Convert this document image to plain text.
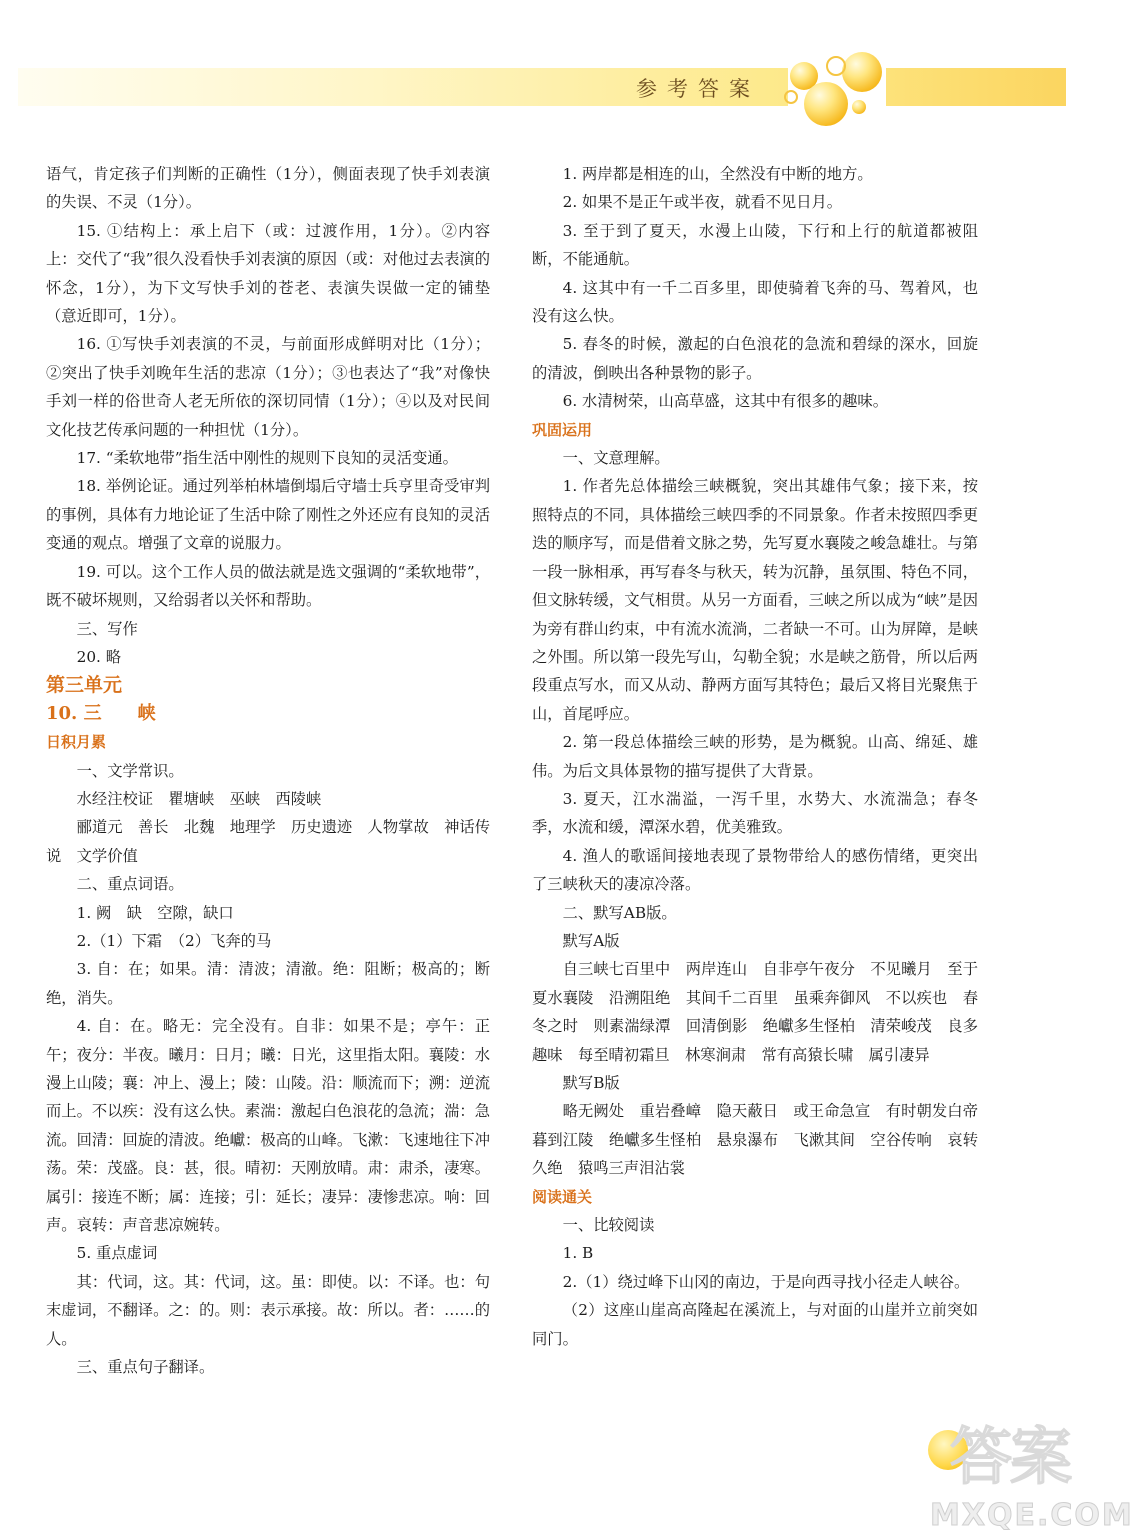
参考答案

语气，肯定孩子们判断的正确性（1分），侧面表现了快手刘表演的失误、不灵（1分）。

15. ①结构上：承上启下（或：过渡作用，1分）。②内容上：交代了“我”很久没看快手刘表演的原因（或：对他过去表演的怀念，1分），为下文写快手刘的苍老、表演失误做一定的铺垫（意近即可，1分）。

16. ①写快手刘表演的不灵，与前面形成鲜明对比（1分）；②突出了快手刘晚年生活的悲凉（1分）；③也表达了“我”对像快手刘一样的俗世奇人老无所依的深切同情（1分）；④以及对民间文化技艺传承问题的一种担忧（1分）。

17. “柔软地带”指生活中刚性的规则下良知的灵活变通。

18. 举例论证。通过列举柏林墙倒塌后守墙士兵亨里奇受审判的事例，具体有力地论证了生活中除了刚性之外还应有良知的灵活变通的观点。增强了文章的说服力。

19. 可以。这个工作人员的做法就是选文强调的“柔软地带”，既不破坏规则，又给弱者以关怀和帮助。

三、写作

20. 略

第三单元

10. 三 峡

日积月累

一、文学常识。

水经注校证　瞿塘峡　巫峡　西陵峡

郦道元　善长　北魏　地理学　历史遗迹　人物掌故　神话传说　文学价值

二、重点词语。

1. 阙　缺　空隙，缺口

2.（1）下霜　（2）飞奔的马

3. 自：在；如果。清：清波；清澈。绝：阻断；极高的；断绝，消失。

4. 自：在。略无：完全没有。自非：如果不是；亭午：正午；夜分：半夜。曦月：日月；曦：日光，这里指太阳。襄陵：水漫上山陵；襄：冲上、漫上；陵：山陵。沿：顺流而下；溯：逆流而上。不以疾：没有这么快。素湍：激起白色浪花的急流；湍：急流。回清：回旋的清波。绝巘：极高的山峰。飞漱：飞速地往下冲荡。荣：茂盛。良：甚，很。晴初：天刚放晴。肃：肃杀，凄寒。属引：接连不断；属：连接；引：延长；凄异：凄惨悲凉。响：回声。哀转：声音悲凉婉转。

5. 重点虚词

其：代词，这。其：代词，这。虽：即使。以：不译。也：句末虚词，不翻译。之：的。则：表示承接。故：所以。者：……的人。

三、重点句子翻译。

1. 两岸都是相连的山，全然没有中断的地方。

2. 如果不是正午或半夜，就看不见日月。

3. 至于到了夏天，水漫上山陵，下行和上行的航道都被阻断，不能通航。

4. 这其中有一千二百多里，即使骑着飞奔的马、驾着风，也没有这么快。

5. 春冬的时候，激起的白色浪花的急流和碧绿的深水，回旋的清波，倒映出各种景物的影子。

6. 水清树荣，山高草盛，这其中有很多的趣味。

巩固运用

一、文意理解。

1. 作者先总体描绘三峡概貌，突出其雄伟气象；接下来，按照特点的不同，具体描绘三峡四季的不同景象。作者未按照四季更迭的顺序写，而是借着文脉之势，先写夏水襄陵之峻急雄壮。与第一段一脉相承，再写春冬与秋天，转为沉静，虽氛围、特色不同，但文脉转缓，文气相贯。从另一方面看，三峡之所以成为“峡”是因为旁有群山约束，中有流水流淌，二者缺一不可。山为屏障，是峡之外围。所以第一段先写山，勾勒全貌；水是峡之筋骨，所以后两段重点写水，而又从动、静两方面写其特色；最后又将目光聚焦于山，首尾呼应。

2. 第一段总体描绘三峡的形势，是为概貌。山高、绵延、雄伟。为后文具体景物的描写提供了大背景。

3. 夏天，江水湍溢，一泻千里，水势大、水流湍急；春冬季，水流和缓，潭深水碧，优美雅致。

4. 渔人的歌谣间接地表现了景物带给人的感伤情绪，更突出了三峡秋天的凄凉冷落。

二、默写AB版。

默写A版

自三峡七百里中　两岸连山　自非亭午夜分　不见曦月　至于夏水襄陵　沿溯阻绝　其间千二百里　虽乘奔御风　不以疾也　春冬之时　则素湍绿潭　回清倒影　绝巘多生怪柏　清荣峻茂　良多趣味　每至晴初霜旦　林寒涧肃　常有高猿长啸　属引凄异

默写B版

略无阙处　重岩叠嶂　隐天蔽日　或王命急宣　有时朝发白帝　暮到江陵　绝巘多生怪柏　悬泉瀑布　飞漱其间　空谷传响　哀转久绝　猿鸣三声泪沾裳

阅读通关

一、比较阅读

1. B

2.（1）绕过峰下山冈的南边，于是向西寻找小径走人峡谷。

（2）这座山崖高高隆起在溪流上，与对面的山崖并立前突如同门。

答
案
MXQE.COM
